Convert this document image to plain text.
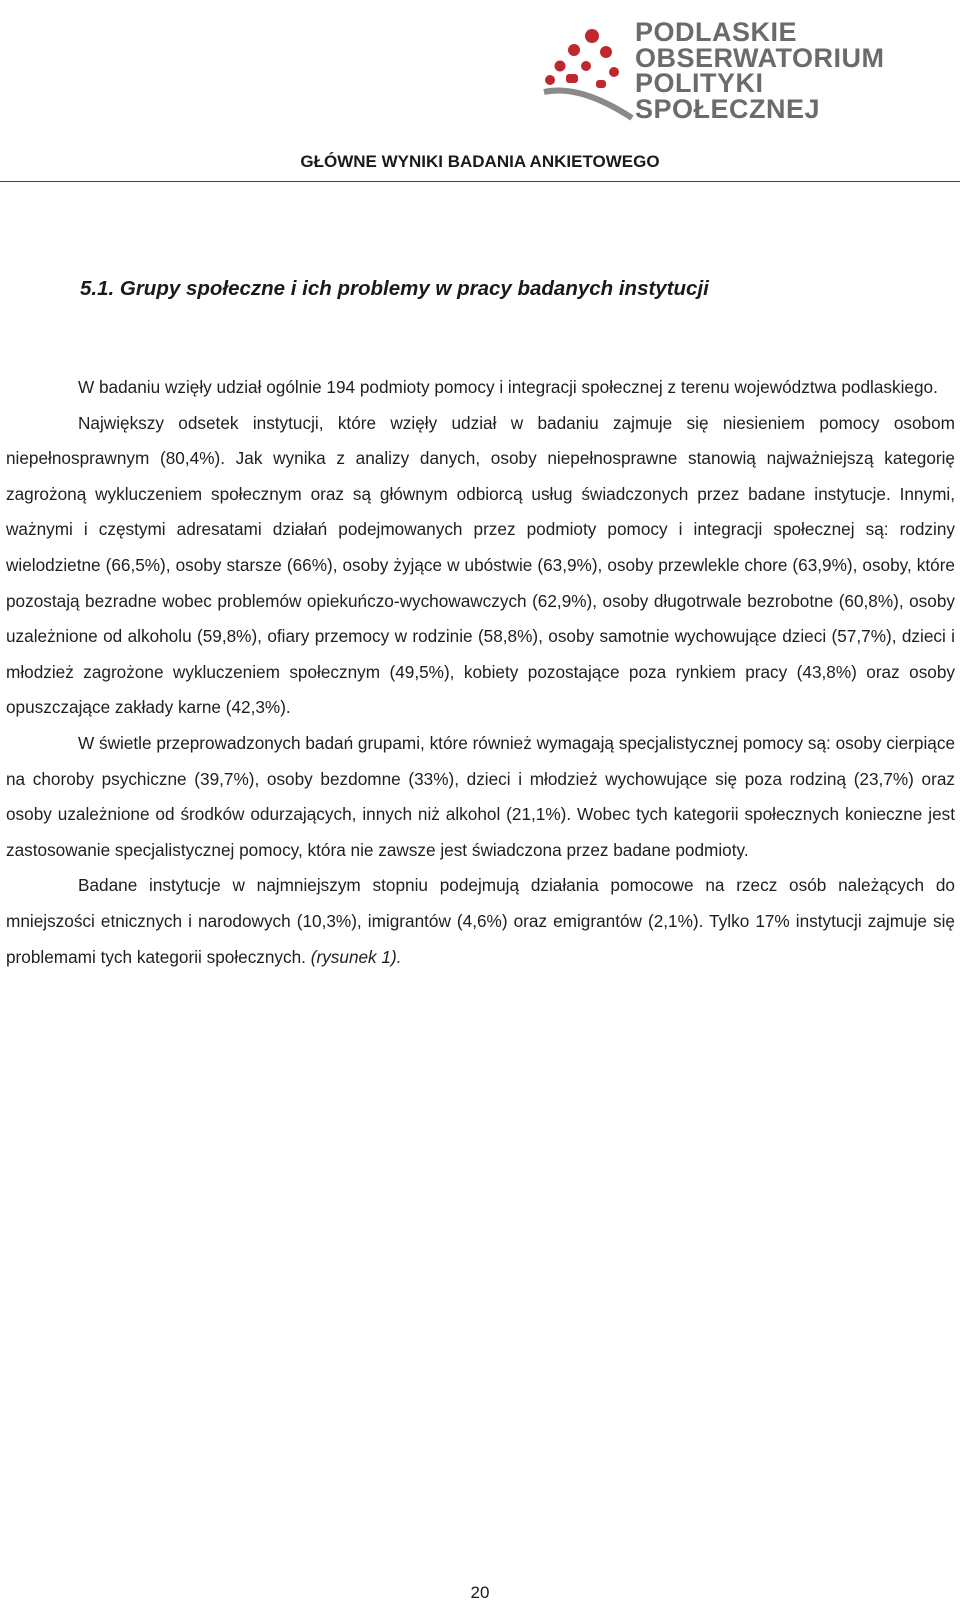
PODLASKIE
OBSERWATORIUM
POLITYKI
SPOŁECZNEJ
GŁÓWNE WYNIKI BADANIA ANKIETOWEGO
5.1. Grupy społeczne i ich problemy w pracy badanych instytucji

W badaniu wzięły udział ogólnie 194 podmioty pomocy i integracji społecznej z terenu województwa podlaskiego.

Największy odsetek instytucji, które wzięły udział w badaniu zajmuje się niesieniem pomocy osobom niepełnosprawnym (80,4%). Jak wynika z analizy danych, osoby niepełnosprawne stanowią najważniejszą kategorię zagrożoną wykluczeniem społecznym oraz są głównym odbiorcą usług świadczonych przez badane instytucje. Innymi, ważnymi i częstymi adresatami działań podejmowanych przez podmioty pomocy i integracji społecznej są: rodziny wielodzietne (66,5%), osoby starsze (66%), osoby żyjące w ubóstwie (63,9%), osoby przewlekle chore (63,9%), osoby, które pozostają bezradne wobec problemów opiekuńczo-wychowawczych (62,9%), osoby długotrwale bezrobotne (60,8%), osoby uzależnione od alkoholu (59,8%), ofiary przemocy w rodzinie (58,8%), osoby samotnie wychowujące dzieci (57,7%), dzieci i młodzież zagrożone wykluczeniem społecznym (49,5%), kobiety pozostające poza rynkiem pracy (43,8%) oraz osoby opuszczające zakłady karne (42,3%).

W świetle przeprowadzonych badań grupami, które również wymagają specjalistycznej pomocy są: osoby cierpiące na choroby psychiczne (39,7%), osoby bezdomne (33%), dzieci i młodzież wychowujące się poza rodziną (23,7%) oraz osoby uzależnione od środków odurzających, innych niż alkohol (21,1%). Wobec tych kategorii społecznych konieczne jest zastosowanie specjalistycznej pomocy, która nie zawsze jest świadczona przez badane podmioty.

Badane instytucje w najmniejszym stopniu podejmują działania pomocowe na rzecz osób należących do mniejszości etnicznych i narodowych (10,3%), imigrantów (4,6%) oraz emigrantów (2,1%). Tylko 17% instytucji zajmuje się problemami tych kategorii społecznych. (rysunek 1).

20
